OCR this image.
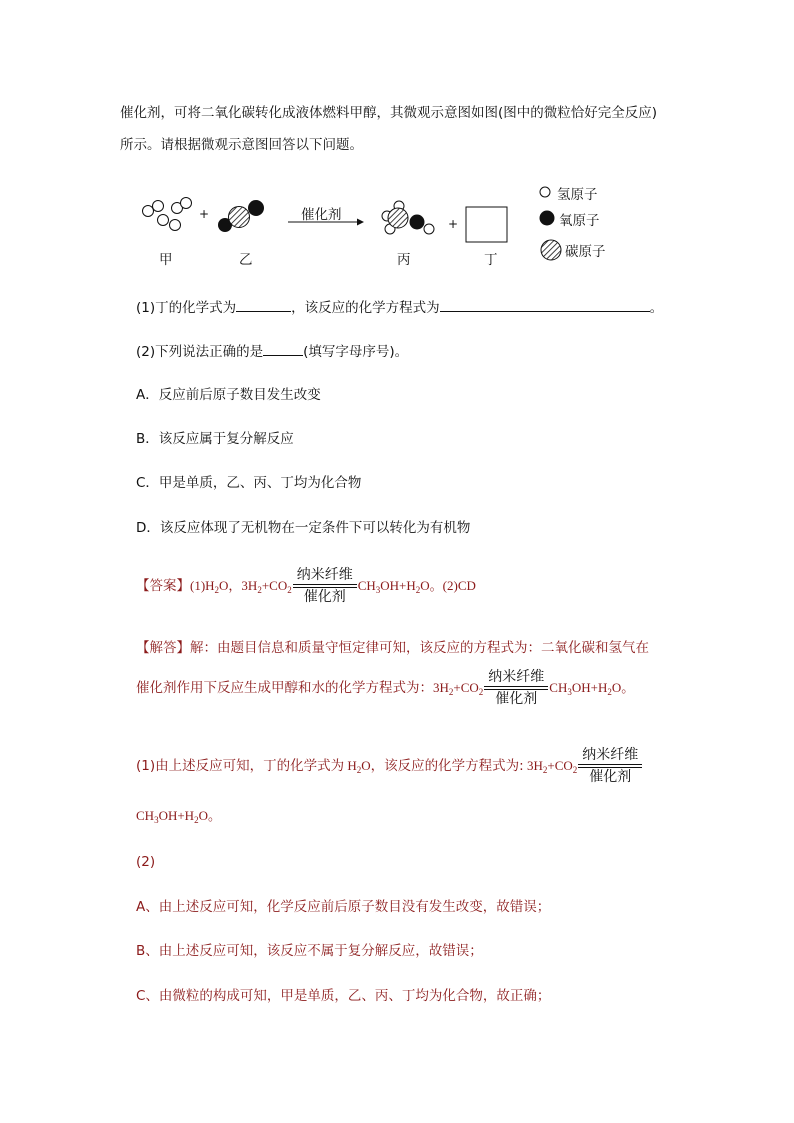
催化剂，可将二氧化碳转化成液体燃料甲醇，其微观示意图如图(图中的微粒恰好完全反应)
所示。请根据微观示意图回答以下问题。
+
+
甲	乙	丙	丁
催化剂
氢原子
氧原子
碳原子
(1)丁的化学式为	，该反应的化学方程式为	。
(2)下列说法正确的是	(填写字母序号)。
A．反应前后原子数目发生改变
B．该反应属于复分解反应
C．甲是单质，乙、丙、丁均为化合物
D．该反应体现了无机物在一定条件下可以转化为有机物
【答案】$(1)H_2O$，$3H_2+CO_2 \frac{\text{纳米纤维}}{\text{催化剂}} CH_3OH+H_2O$。(2)CD
【解答】解：由题目信息和质量守恒定律可知，该反应的方程式为：二氧化碳和氢气在
催化剂作用下反应生成甲醇和水的化学方程式为：$3H_2+CO_2 \frac{\text{纳米纤维}}{\text{催化剂}} CH_3OH+H_2O$。
(1)由上述反应可知，丁的化学式为 $H_2O$，该反应的化学方程式为: $3H_2+CO_2 \frac{\text{纳米纤维}}{\text{催化剂}}$
$CH_3OH+H_2O$。
(2)
A、由上述反应可知，化学反应前后原子数目没有发生改变，故错误；
B、由上述反应可知，该反应不属于复分解反应，故错误；
C、由微粒的构成可知，甲是单质，乙、丙、丁均为化合物，故正确；
